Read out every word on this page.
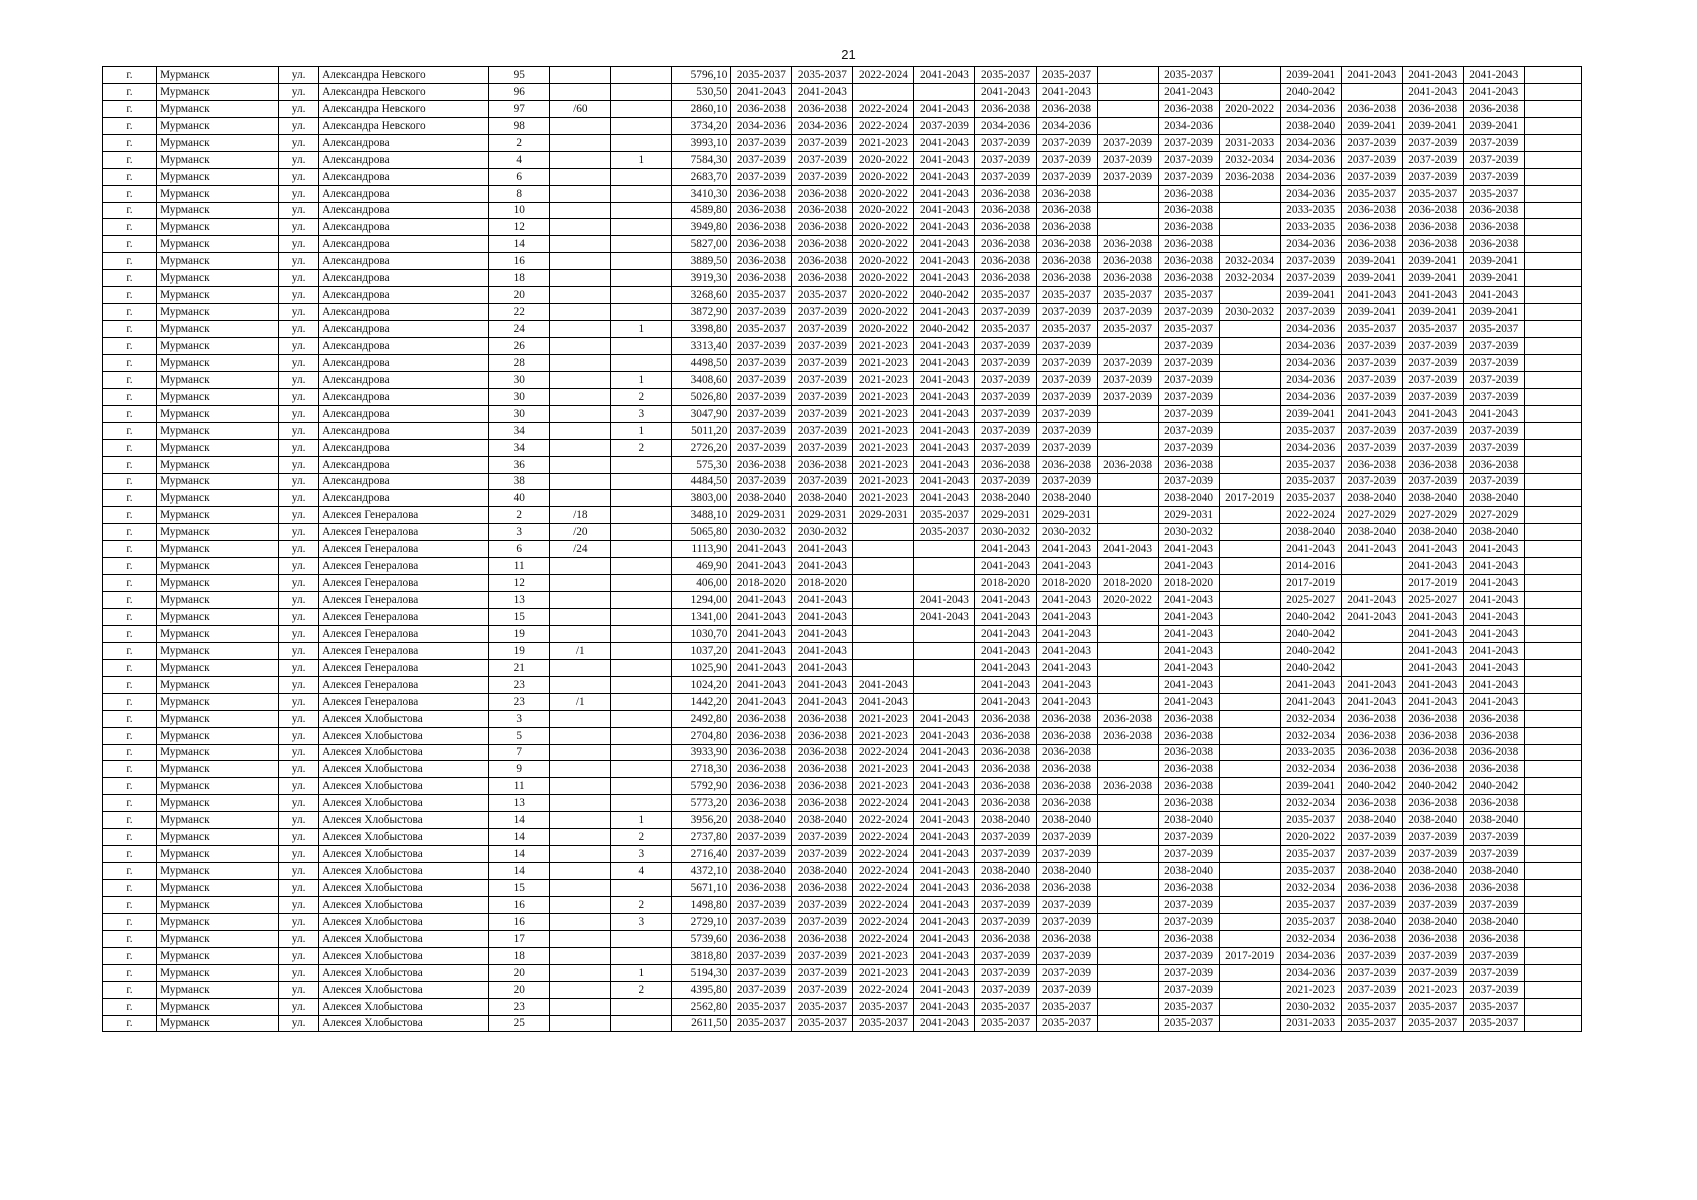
21
г.	Мурманск	ул.	Александра Невского	95			5796,10	2035-2037	2035-2037	2022-2024	2041-2043	2035-2037	2035-2037		2035-2037		2039-2041	2041-2043	2041-2043	2041-2043	
г.	Мурманск	ул.	Александра Невского	96			530,50	2041-2043	2041-2043			2041-2043	2041-2043		2041-2043		2040-2042		2041-2043	2041-2043	
г.	Мурманск	ул.	Александра Невского	97	/60		2860,10	2036-2038	2036-2038	2022-2024	2041-2043	2036-2038	2036-2038		2036-2038	2020-2022	2034-2036	2036-2038	2036-2038	2036-2038	
г.	Мурманск	ул.	Александра Невского	98			3734,20	2034-2036	2034-2036	2022-2024	2037-2039	2034-2036	2034-2036		2034-2036		2038-2040	2039-2041	2039-2041	2039-2041	
г.	Мурманск	ул.	Александрова	2			3993,10	2037-2039	2037-2039	2021-2023	2041-2043	2037-2039	2037-2039	2037-2039	2037-2039	2031-2033	2034-2036	2037-2039	2037-2039	2037-2039	
г.	Мурманск	ул.	Александрова	4		1	7584,30	2037-2039	2037-2039	2020-2022	2041-2043	2037-2039	2037-2039	2037-2039	2037-2039	2032-2034	2034-2036	2037-2039	2037-2039	2037-2039	
г.	Мурманск	ул.	Александрова	6			2683,70	2037-2039	2037-2039	2020-2022	2041-2043	2037-2039	2037-2039	2037-2039	2037-2039	2036-2038	2034-2036	2037-2039	2037-2039	2037-2039	
г.	Мурманск	ул.	Александрова	8			3410,30	2036-2038	2036-2038	2020-2022	2041-2043	2036-2038	2036-2038		2036-2038		2034-2036	2035-2037	2035-2037	2035-2037	
г.	Мурманск	ул.	Александрова	10			4589,80	2036-2038	2036-2038	2020-2022	2041-2043	2036-2038	2036-2038		2036-2038		2033-2035	2036-2038	2036-2038	2036-2038	
г.	Мурманск	ул.	Александрова	12			3949,80	2036-2038	2036-2038	2020-2022	2041-2043	2036-2038	2036-2038		2036-2038		2033-2035	2036-2038	2036-2038	2036-2038	
г.	Мурманск	ул.	Александрова	14			5827,00	2036-2038	2036-2038	2020-2022	2041-2043	2036-2038	2036-2038	2036-2038	2036-2038		2034-2036	2036-2038	2036-2038	2036-2038	
г.	Мурманск	ул.	Александрова	16			3889,50	2036-2038	2036-2038	2020-2022	2041-2043	2036-2038	2036-2038	2036-2038	2036-2038	2032-2034	2037-2039	2039-2041	2039-2041	2039-2041	
г.	Мурманск	ул.	Александрова	18			3919,30	2036-2038	2036-2038	2020-2022	2041-2043	2036-2038	2036-2038	2036-2038	2036-2038	2032-2034	2037-2039	2039-2041	2039-2041	2039-2041	
г.	Мурманск	ул.	Александрова	20			3268,60	2035-2037	2035-2037	2020-2022	2040-2042	2035-2037	2035-2037	2035-2037	2035-2037		2039-2041	2041-2043	2041-2043	2041-2043	
г.	Мурманск	ул.	Александрова	22			3872,90	2037-2039	2037-2039	2020-2022	2041-2043	2037-2039	2037-2039	2037-2039	2037-2039	2030-2032	2037-2039	2039-2041	2039-2041	2039-2041	
г.	Мурманск	ул.	Александрова	24		1	3398,80	2035-2037	2037-2039	2020-2022	2040-2042	2035-2037	2035-2037	2035-2037	2035-2037		2034-2036	2035-2037	2035-2037	2035-2037	
г.	Мурманск	ул.	Александрова	26			3313,40	2037-2039	2037-2039	2021-2023	2041-2043	2037-2039	2037-2039		2037-2039		2034-2036	2037-2039	2037-2039	2037-2039	
г.	Мурманск	ул.	Александрова	28			4498,50	2037-2039	2037-2039	2021-2023	2041-2043	2037-2039	2037-2039	2037-2039	2037-2039		2034-2036	2037-2039	2037-2039	2037-2039	
г.	Мурманск	ул.	Александрова	30		1	3408,60	2037-2039	2037-2039	2021-2023	2041-2043	2037-2039	2037-2039	2037-2039	2037-2039		2034-2036	2037-2039	2037-2039	2037-2039	
г.	Мурманск	ул.	Александрова	30		2	5026,80	2037-2039	2037-2039	2021-2023	2041-2043	2037-2039	2037-2039	2037-2039	2037-2039		2034-2036	2037-2039	2037-2039	2037-2039	
г.	Мурманск	ул.	Александрова	30		3	3047,90	2037-2039	2037-2039	2021-2023	2041-2043	2037-2039	2037-2039		2037-2039		2039-2041	2041-2043	2041-2043	2041-2043	
г.	Мурманск	ул.	Александрова	34		1	5011,20	2037-2039	2037-2039	2021-2023	2041-2043	2037-2039	2037-2039		2037-2039		2035-2037	2037-2039	2037-2039	2037-2039	
г.	Мурманск	ул.	Александрова	34		2	2726,20	2037-2039	2037-2039	2021-2023	2041-2043	2037-2039	2037-2039		2037-2039		2034-2036	2037-2039	2037-2039	2037-2039	
г.	Мурманск	ул.	Александрова	36			575,30	2036-2038	2036-2038	2021-2023	2041-2043	2036-2038	2036-2038	2036-2038	2036-2038		2035-2037	2036-2038	2036-2038	2036-2038	
г.	Мурманск	ул.	Александрова	38			4484,50	2037-2039	2037-2039	2021-2023	2041-2043	2037-2039	2037-2039		2037-2039		2035-2037	2037-2039	2037-2039	2037-2039	
г.	Мурманск	ул.	Александрова	40			3803,00	2038-2040	2038-2040	2021-2023	2041-2043	2038-2040	2038-2040		2038-2040	2017-2019	2035-2037	2038-2040	2038-2040	2038-2040	
г.	Мурманск	ул.	Алексея Генералова	2	/18		3488,10	2029-2031	2029-2031	2029-2031	2035-2037	2029-2031	2029-2031		2029-2031		2022-2024	2027-2029	2027-2029	2027-2029	
г.	Мурманск	ул.	Алексея Генералова	3	/20		5065,80	2030-2032	2030-2032		2035-2037	2030-2032	2030-2032		2030-2032		2038-2040	2038-2040	2038-2040	2038-2040	
г.	Мурманск	ул.	Алексея Генералова	6	/24		1113,90	2041-2043	2041-2043			2041-2043	2041-2043	2041-2043	2041-2043		2041-2043	2041-2043	2041-2043	2041-2043	
г.	Мурманск	ул.	Алексея Генералова	11			469,90	2041-2043	2041-2043			2041-2043	2041-2043		2041-2043		2014-2016		2041-2043	2041-2043	
г.	Мурманск	ул.	Алексея Генералова	12			406,00	2018-2020	2018-2020			2018-2020	2018-2020	2018-2020	2018-2020		2017-2019		2017-2019	2041-2043	
г.	Мурманск	ул.	Алексея Генералова	13			1294,00	2041-2043	2041-2043		2041-2043	2041-2043	2041-2043	2020-2022	2041-2043		2025-2027	2041-2043	2025-2027	2041-2043	
г.	Мурманск	ул.	Алексея Генералова	15			1341,00	2041-2043	2041-2043		2041-2043	2041-2043	2041-2043		2041-2043		2040-2042	2041-2043	2041-2043	2041-2043	
г.	Мурманск	ул.	Алексея Генералова	19			1030,70	2041-2043	2041-2043			2041-2043	2041-2043		2041-2043		2040-2042		2041-2043	2041-2043	
г.	Мурманск	ул.	Алексея Генералова	19	/1		1037,20	2041-2043	2041-2043			2041-2043	2041-2043		2041-2043		2040-2042		2041-2043	2041-2043	
г.	Мурманск	ул.	Алексея Генералова	21			1025,90	2041-2043	2041-2043			2041-2043	2041-2043		2041-2043		2040-2042		2041-2043	2041-2043	
г.	Мурманск	ул.	Алексея Генералова	23			1024,20	2041-2043	2041-2043	2041-2043		2041-2043	2041-2043		2041-2043		2041-2043	2041-2043	2041-2043	2041-2043	
г.	Мурманск	ул.	Алексея Генералова	23	/1		1442,20	2041-2043	2041-2043	2041-2043		2041-2043	2041-2043		2041-2043		2041-2043	2041-2043	2041-2043	2041-2043	
г.	Мурманск	ул.	Алексея Хлобыстова	3			2492,80	2036-2038	2036-2038	2021-2023	2041-2043	2036-2038	2036-2038	2036-2038	2036-2038		2032-2034	2036-2038	2036-2038	2036-2038	
г.	Мурманск	ул.	Алексея Хлобыстова	5			2704,80	2036-2038	2036-2038	2021-2023	2041-2043	2036-2038	2036-2038	2036-2038	2036-2038		2032-2034	2036-2038	2036-2038	2036-2038	
г.	Мурманск	ул.	Алексея Хлобыстова	7			3933,90	2036-2038	2036-2038	2022-2024	2041-2043	2036-2038	2036-2038		2036-2038		2033-2035	2036-2038	2036-2038	2036-2038	
г.	Мурманск	ул.	Алексея Хлобыстова	9			2718,30	2036-2038	2036-2038	2021-2023	2041-2043	2036-2038	2036-2038		2036-2038		2032-2034	2036-2038	2036-2038	2036-2038	
г.	Мурманск	ул.	Алексея Хлобыстова	11			5792,90	2036-2038	2036-2038	2021-2023	2041-2043	2036-2038	2036-2038	2036-2038	2036-2038		2039-2041	2040-2042	2040-2042	2040-2042	
г.	Мурманск	ул.	Алексея Хлобыстова	13			5773,20	2036-2038	2036-2038	2022-2024	2041-2043	2036-2038	2036-2038		2036-2038		2032-2034	2036-2038	2036-2038	2036-2038	
г.	Мурманск	ул.	Алексея Хлобыстова	14		1	3956,20	2038-2040	2038-2040	2022-2024	2041-2043	2038-2040	2038-2040		2038-2040		2035-2037	2038-2040	2038-2040	2038-2040	
г.	Мурманск	ул.	Алексея Хлобыстова	14		2	2737,80	2037-2039	2037-2039	2022-2024	2041-2043	2037-2039	2037-2039		2037-2039		2020-2022	2037-2039	2037-2039	2037-2039	
г.	Мурманск	ул.	Алексея Хлобыстова	14		3	2716,40	2037-2039	2037-2039	2022-2024	2041-2043	2037-2039	2037-2039		2037-2039		2035-2037	2037-2039	2037-2039	2037-2039	
г.	Мурманск	ул.	Алексея Хлобыстова	14		4	4372,10	2038-2040	2038-2040	2022-2024	2041-2043	2038-2040	2038-2040		2038-2040		2035-2037	2038-2040	2038-2040	2038-2040	
г.	Мурманск	ул.	Алексея Хлобыстова	15			5671,10	2036-2038	2036-2038	2022-2024	2041-2043	2036-2038	2036-2038		2036-2038		2032-2034	2036-2038	2036-2038	2036-2038	
г.	Мурманск	ул.	Алексея Хлобыстова	16		2	1498,80	2037-2039	2037-2039	2022-2024	2041-2043	2037-2039	2037-2039		2037-2039		2035-2037	2037-2039	2037-2039	2037-2039	
г.	Мурманск	ул.	Алексея Хлобыстова	16		3	2729,10	2037-2039	2037-2039	2022-2024	2041-2043	2037-2039	2037-2039		2037-2039		2035-2037	2038-2040	2038-2040	2038-2040	
г.	Мурманск	ул.	Алексея Хлобыстова	17			5739,60	2036-2038	2036-2038	2022-2024	2041-2043	2036-2038	2036-2038		2036-2038		2032-2034	2036-2038	2036-2038	2036-2038	
г.	Мурманск	ул.	Алексея Хлобыстова	18			3818,80	2037-2039	2037-2039	2021-2023	2041-2043	2037-2039	2037-2039		2037-2039	2017-2019	2034-2036	2037-2039	2037-2039	2037-2039	
г.	Мурманск	ул.	Алексея Хлобыстова	20		1	5194,30	2037-2039	2037-2039	2021-2023	2041-2043	2037-2039	2037-2039		2037-2039		2034-2036	2037-2039	2037-2039	2037-2039	
г.	Мурманск	ул.	Алексея Хлобыстова	20		2	4395,80	2037-2039	2037-2039	2022-2024	2041-2043	2037-2039	2037-2039		2037-2039		2021-2023	2037-2039	2021-2023	2037-2039	
г.	Мурманск	ул.	Алексея Хлобыстова	23			2562,80	2035-2037	2035-2037	2035-2037	2041-2043	2035-2037	2035-2037		2035-2037		2030-2032	2035-2037	2035-2037	2035-2037	
г.	Мурманск	ул.	Алексея Хлобыстова	25			2611,50	2035-2037	2035-2037	2035-2037	2041-2043	2035-2037	2035-2037		2035-2037		2031-2033	2035-2037	2035-2037	2035-2037	
